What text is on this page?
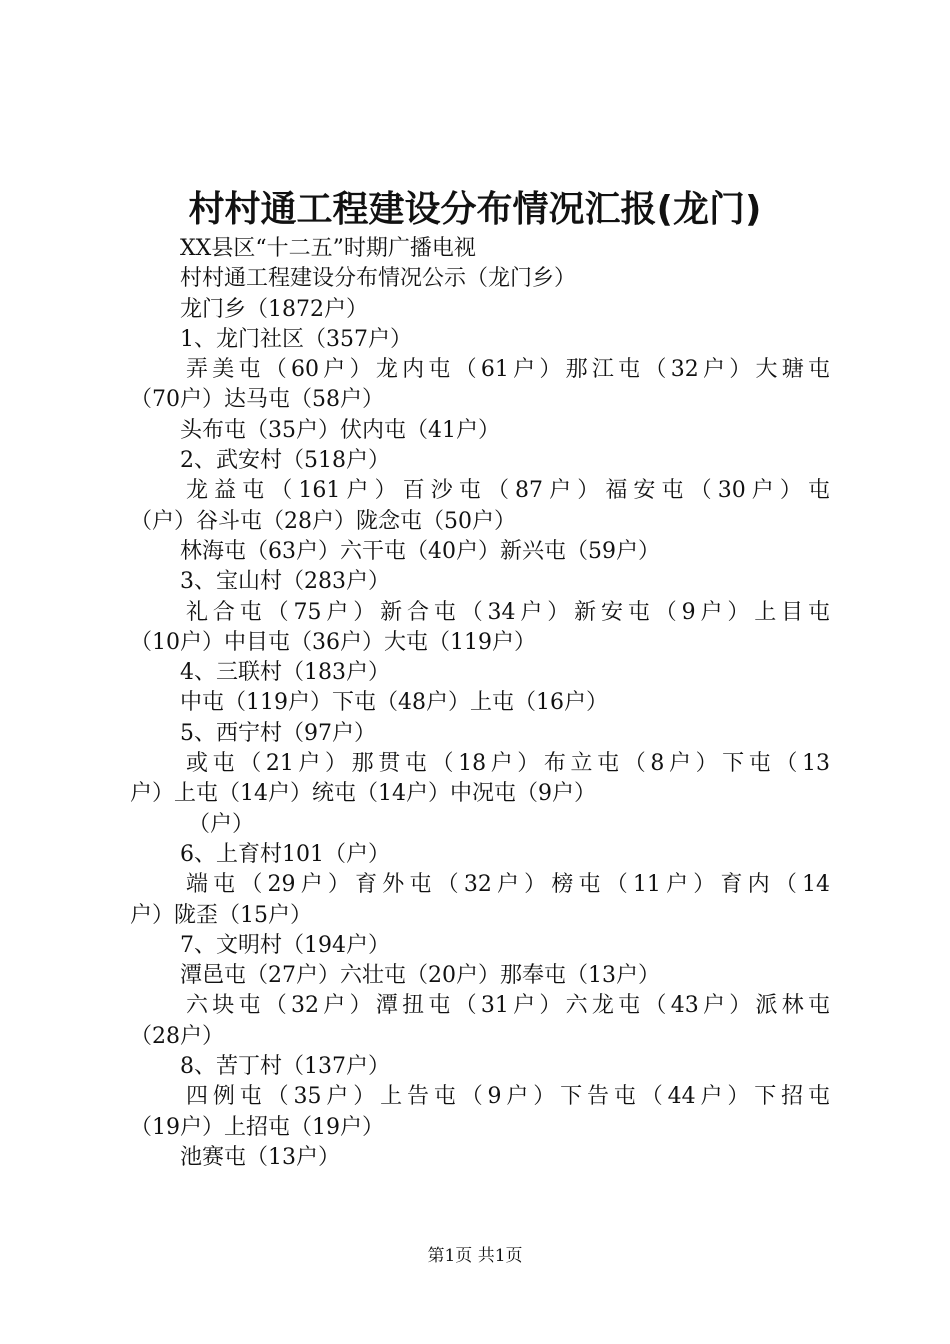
村村通工程建设分布情况汇报(龙门)
XX县区“十二五”时期广播电视
村村通工程建设分布情况公示（龙门乡）
龙门乡（1872户）
1、龙门社区（357户）
弄美屯（60户）龙内屯（61户）那江屯（32户）大瑭屯
（70户）达马屯（58户）
头布屯（35户）伏内屯（41户）
2、武安村（518户）
龙益屯（161户）百沙屯（87户）福安屯（30户）屯
（户）谷斗屯（28户）陇念屯（50户）
林海屯（63户）六干屯（40户）新兴屯（59户）
3、宝山村（283户）
礼合屯（75户）新合屯（34户）新安屯（9户）上目屯
（10户）中目屯（36户）大屯（119户）
4、三联村（183户）
中屯（119户）下屯（48户）上屯（16户）
5、西宁村（97户）
或屯（21户）那贯屯（18户）布立屯（8户）下屯（13
户）上屯（14户）统屯（14户）中况屯（9户）
（户）
6、上育村101（户）
端屯（29户）育外屯（32户）榜屯（11户）育内（14
户）陇歪（15户）
7、文明村（194户）
潭邑屯（27户）六壮屯（20户）那奉屯（13户）
六块屯（32户）潭扭屯（31户）六龙屯（43户）派林屯
（28户）
8、苦丁村（137户）
四例屯（35户）上告屯（9户）下告屯（44户）下招屯
（19户）上招屯（19户）
池赛屯（13户）
第1页 共1页
